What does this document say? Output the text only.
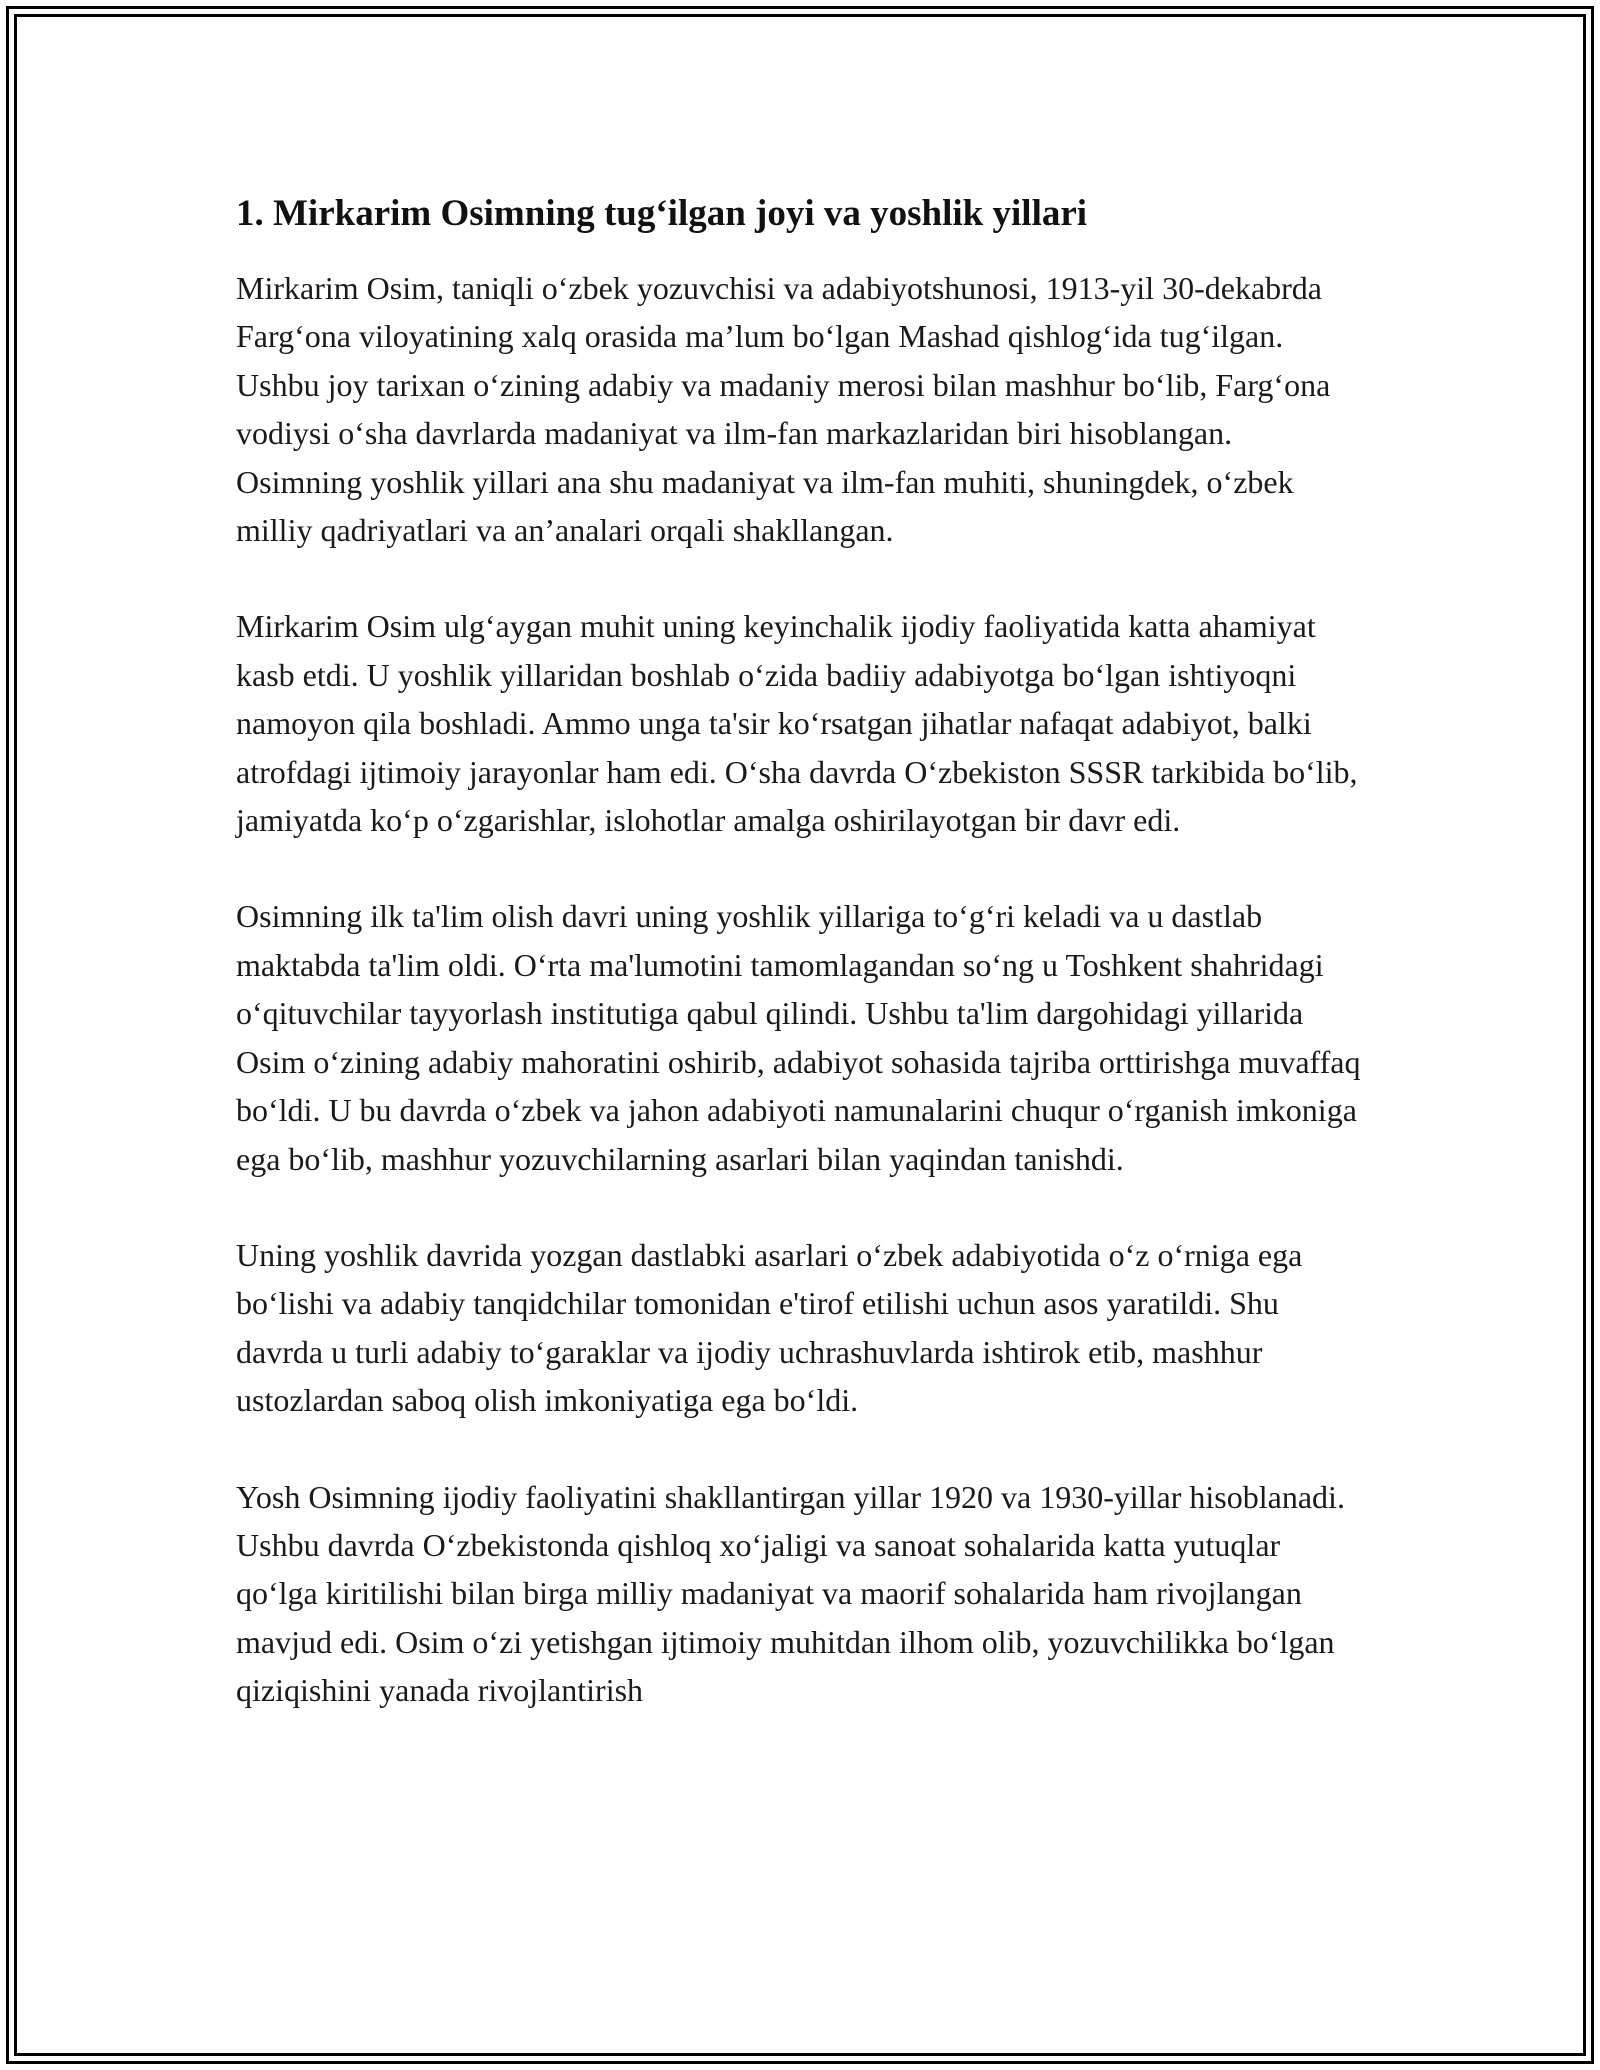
1. Mirkarim Osimning tug‘ilgan joyi va yoshlik yillari

Mirkarim Osim, taniqli o‘zbek yozuvchisi va adabiyotshunosi, 1913-yil 30-dekabrda Farg‘ona viloyatining xalq orasida ma’lum bo‘lgan Mashad qishlog‘ida tug‘ilgan. Ushbu joy tarixan o‘zining adabiy va madaniy merosi bilan mashhur bo‘lib, Farg‘ona vodiysi o‘sha davrlarda madaniyat va ilm-fan markazlaridan biri hisoblangan. Osimning yoshlik yillari ana shu madaniyat va ilm-fan muhiti, shuningdek, o‘zbek milliy qadriyatlari va an’analari orqali shakllangan.

Mirkarim Osim ulg‘aygan muhit uning keyinchalik ijodiy faoliyatida katta ahamiyat kasb etdi. U yoshlik yillaridan boshlab o‘zida badiiy adabiyotga bo‘lgan ishtiyoqni namoyon qila boshladi. Ammo unga ta'sir ko‘rsatgan jihatlar nafaqat adabiyot, balki atrofdagi ijtimoiy jarayonlar ham edi. O‘sha davrda O‘zbekiston SSSR tarkibida bo‘lib, jamiyatda ko‘p o‘zgarishlar, islohotlar amalga oshirilayotgan bir davr edi.

Osimning ilk ta'lim olish davri uning yoshlik yillariga to‘g‘ri keladi va u dastlab maktabda ta'lim oldi. O‘rta ma'lumotini tamomlagandan so‘ng u Toshkent shahridagi o‘qituvchilar tayyorlash institutiga qabul qilindi. Ushbu ta'lim dargohidagi yillarida Osim o‘zining adabiy mahoratini oshirib, adabiyot sohasida tajriba orttirishga muvaffaq bo‘ldi. U bu davrda o‘zbek va jahon adabiyoti namunalarini chuqur o‘rganish imkoniga ega bo‘lib, mashhur yozuvchilarning asarlari bilan yaqindan tanishdi.

Uning yoshlik davrida yozgan dastlabki asarlari o‘zbek adabiyotida o‘z o‘rniga ega bo‘lishi va adabiy tanqidchilar tomonidan e'tirof etilishi uchun asos yaratildi. Shu davrda u turli adabiy to‘garaklar va ijodiy uchrashuvlarda ishtirok etib, mashhur ustozlardan saboq olish imkoniyatiga ega bo‘ldi.

Yosh Osimning ijodiy faoliyatini shakllantirgan yillar 1920 va 1930-yillar hisoblanadi. Ushbu davrda O‘zbekistonda qishloq xo‘jaligi va sanoat sohalarida katta yutuqlar qo‘lga kiritilishi bilan birga milliy madaniyat va maorif sohalarida ham rivojlangan mavjud edi. Osim o‘zi yetishgan ijtimoiy muhitdan ilhom olib, yozuvchilikka bo‘lgan qiziqishini yanada rivojlantirish
